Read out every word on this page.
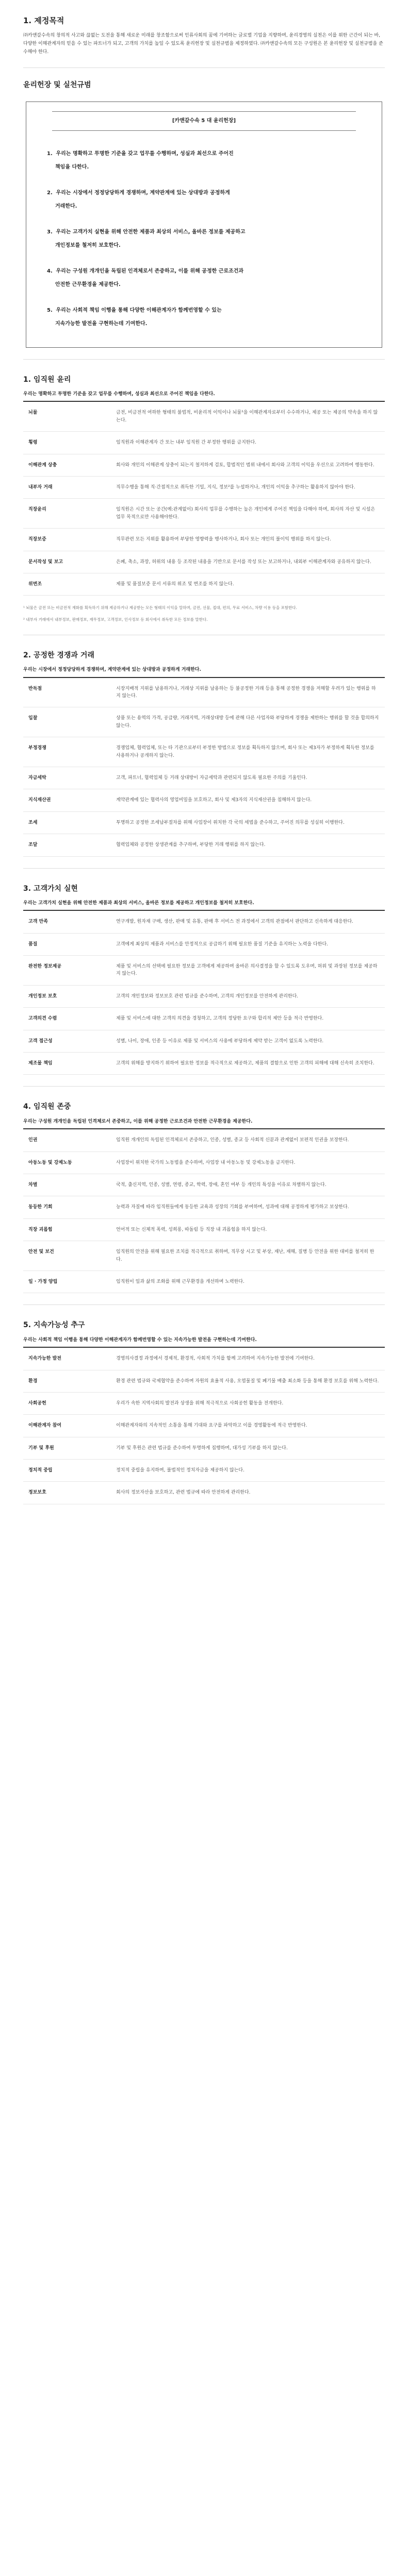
1. 제정목적

㈜카앤갈수속의 창의적 사고와 끊없는 도전을 통해 새로운 미래를 창조함으로써 인류사회의 꿈에 기여하는 글로벌 기업을 지향하며, 윤리경영의 실천은 이를 위한 근간이 되는 바, 다양한 이해관계자의 믿음 수 있는 파트너가 되고, 고객의 가치를 높일 수 있도록 윤리헌장 및 실천규범을 제정하였다. ㈜카앤갈수속의 모든 구성원은 본 윤리헌장 및 실천규범을 준수해야 한다.

윤리헌장 및 실천규범
[카앤갈수속 5 대 윤리헌장]
1. 우리는 명확하고 투명한 기준을 갖고 업무를 수행하며, 성실과 최선으로 주어진
책임을 다한다.
2. 우리는 시장에서 정정당당하게 경쟁하며, 계약관계에 있는 상대방과 공정하게
거래한다.
3. 우리는 고객가치 실현을 위해 안전한 제품과 최상의 서비스, 올바른 정보를 제공하고
개인정보를 철저히 보호한다.
4. 우리는 구성원 개개인을 독립된 인격체로서 존중하고, 이를 위해 공정한 근로조건과
안전한 근무환경을 제공한다.
5. 우리는 사회적 책임 이행을 통해 다양한 이해관계자가 함께번영할 수 있는
지속가능한 발전을 구현하는데 기여한다.
1. 임직원 윤리

우리는 명확하고 투명한 기준을 갖고 업무를 수행하며, 성실과 최선으로 주어진 책임을 다한다.

뇌물	금전, 비금전적 여하한 형태의 불법적, 비윤리적 이익이나 뇌물¹을 이해관계자로부터 수수하거나, 제공 또는 제공의 약속을 하지 않는다.
횡령	임직원과 이해관계자 간 또는 내부 임직원 간 부정한 행위를 금지한다.
이해관계 상충	회사와 개인의 이해관계 상충이 되는지 철저하게 검토, 합법적인 범위 내에서 회사와 고객의 이익을 우선으로 고려하여 행동한다.
내부자 거래	직무수행을 통해 직·간접적으로 취득한 기밀, 지식, 정보²를 누설하거나, 개인의 이익을 추구하는 활용하지 않아야 한다.
직장윤리	임직원은 시간 또는 공간(예:관계없이) 회사의 업무를 수행하는 높은 개인에게 주어진 책임을 다해야 하며, 회사의 자산 및 시설은 업무 목적으로만 사용해야한다.
직장보증	직무관련 모든 지위를 활용하여 부당한 영향력을 행사하거나, 회사 또는 개인의 불이익 행위를 하지 않는다.
문서작성 및 보고	은폐, 축소, 과장, 허위의 내용 등 조작된 내용을 기반으로 문서를 작성 또는 보고하거나, 내외부 이해관계자와 공유하지 않는다.
위변조	제품 및 품질보증 문서 서류의 위조 및 변조를 하지 않는다.

¹ 뇌물은 금전 또는 비금전적 재화를 획득하기 위해 제공하거나 제공받는 모든 형태의 이익을 말하며, 금전, 선물, 접대, 편의, 무료 서비스, 차량 이용 등을 포함한다.

² 내부자 거래에서 내부정보, 판매정보, 재무정보, 고객정보, 인사정보 등 회사에서 취득한 모든 정보를 말한다.

2. 공정한 경쟁과 거래

우리는 시장에서 정정당당하게 경쟁하며, 계약관계에 있는 상대방과 공정하게 거래한다.

반독점	시장지배적 지위를 남용하거나, 거래상 지위를 남용하는 등 불공정한 거래 등을 통해 공정한 경쟁을 저해할 우려가 있는 행위를 하지 않는다.
입찰	상품 또는 용역의 가격, 공급량, 거래지역, 거래상대방 등에 관해 다른 사업자와 부당하게 경쟁을 제한하는 행위를 할 것을 합의하지 않는다.
부정경쟁	경쟁업체, 협력업체, 또는 타 기관으로부터 부정한 방법으로 정보를 획득하지 않으며, 회사 또는 제3자가 부정하게 획득한 정보를 사용하거나 공개하지 않는다.
자금세탁	고객, 파트너, 협력업체 등 거래 상대방이 자금세탁과 관련되지 않도록 필요한 주의를 기울인다.
지식재산권	계약관계에 있는 협력사의 영업비밀을 보호하고, 회사 및 제3자의 지식재산권을 침해하지 않는다.
조세	투명하고 공정한 조세납부절차를 위해 사업장이 위치한 각 국의 세법을 준수하고, 주어진 의무를 성실히 이행한다.
조달	협력업체와 공정한 상생관계를 추구하며, 부당한 거래 행위를 하지 않는다.
3. 고객가치 실현

우리는 고객가치 실현을 위해 안전한 제품과 최상의 서비스, 올바른 정보를 제공하고 개인정보를 철저히 보호한다.

고객 만족	연구개발, 원자재 구매, 생산, 판매 및 유통, 판매 후 서비스 전 과정에서 고객의 관점에서 판단하고 신속하게 대응한다.
품질	고객에게 최상의 제품과 서비스를 안정적으로 공급하기 위해 필요한 품질 기준을 유지하는 노력을 다한다.
완전한 정보제공	제품 및 서비스의 선택에 필요한 정보를 고객에게 제공하며 올바른 의사결정을 할 수 있도록 도우며, 허위 및 과장된 정보를 제공하지 않는다.
개인정보 보호	고객의 개인정보와 정보보호 관련 법규를 준수하며, 고객의 개인정보를 안전하게 관리한다.
고객의견 수렴	제품 및 서비스에 대한 고객의 의견을 경청하고, 고객의 정당한 요구와 합리적 제안 등을 적극 반영한다.
고객 접근성	성별, 나이, 장애, 인종 등 이유로 제품 및 서비스의 사용에 부당하게 제약 받는 고객이 없도록 노력한다.
제조물 책임	고객의 위해를 방지하기 위하여 필요한 정보를 적극적으로 제공하고, 제품의 결함으로 인한 고객의 피해에 대해 신속히 조치한다.
4. 임직원 존중

우리는 구성원 개개인을 독립된 인격체로서 존중하고, 이를 위해 공정한 근로조건과 안전한 근무환경을 제공한다.

인권	임직원 개개인의 독립된 인격체로서 존중하고, 인종, 성별, 종교 등 사회적 신분과 관계없이 보편적 인권을 보장한다.
아동노동 및 강제노동	사업장이 위치한 국가의 노동법을 준수하며, 사업장 내 아동노동 및 강제노동을 금지한다.
차별	국적, 출신지역, 인종, 성별, 연령, 종교, 학력, 장애, 혼인 여부 등 개인의 특성을 이유로 차별하지 않는다.
동등한 기회	능력과 자질에 따라 임직원들에게 동등한 교육과 성장의 기회를 부여하며, 성과에 대해 공정하게 평가하고 보상한다.
직장 괴롭힘	언어적 또는 신체적 폭력, 성희롱, 따돌림 등 직장 내 괴롭힘을 하지 않는다.
안전 및 보건	임직원의 안전을 위해 필요한 조치를 적극적으로 취하며, 직무상 시고 및 부상, 재난, 재해, 질병 등 안전을 위한 대비를 철저히 한다.
일 · 가정 양립	임직원이 일과 삶의 조화를 위해 근무환경을 개선하며 노력한다.
5. 지속가능성 추구

우리는 사회적 책임 이행을 통해 다양한 이해관계자가 함께번영할 수 있는 지속가능한 발전을 구현하는데 기여한다.

지속가능한 발전	경영의사결정 과정에서 경제적, 환경적, 사회적 가치를 함께 고려하여 지속가능한 발전에 기여한다.
환경	환경 관련 법규와 국제협약을 준수하며 자원의 효율적 사용, 오염물질 및 폐기물 배출 최소화 등을 통해 환경 보호를 위해 노력한다.
사회공헌	우리가 속한 지역사회의 발전과 상생을 위해 적극적으로 사회공헌 활동을 전개한다.
이해관계자 참여	이해관계자와의 지속적인 소통을 통해 기대와 요구를 파악하고 이를 경영활동에 적극 반영한다.
기부 및 후원	기부 및 후원은 관련 법규를 준수하여 투명하게 집행하며, 대가성 기부를 하지 않는다.
정치적 중립	정치적 중립을 유지하며, 불법적인 정치자금을 제공하지 않는다.
정보보호	회사의 정보자산을 보호하고, 관련 법규에 따라 안전하게 관리한다.
